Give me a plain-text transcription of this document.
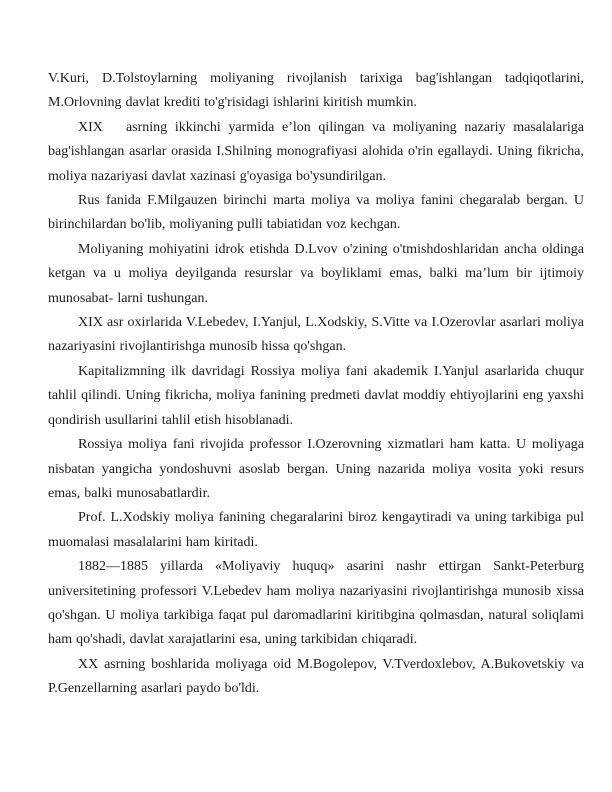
V.Kuri, D.Tolstoylarning moliyaning rivojlanish tarixiga bag'ishlangan tadqiqotlarini, M.Orlovning davlat krediti to'g'risidagi ishlarini kiritish mumkin.

XIX   asrning ikkinchi yarmida e’lon qilingan va moliyaning nazariy masalalariga bag'ishlangan asarlar orasida I.Shilning monografiyasi alohida o'rin egallaydi. Uning fikricha, moliya nazariyasi davlat xazinasi g'oyasiga bo'ysundirilgan.

Rus fanida F.Milgauzen birinchi marta moliya va moliya fanini chegaralab bergan. U birinchilardan bo'lib, moliyaning pulli tabiatidan voz kechgan.

Moliyaning mohiyatini idrok etishda D.Lvov o'zining o'tmishdoshlaridan ancha oldinga ketgan va u moliya deyilganda resurslar va boyliklami emas, balki ma’lum bir ijtimoiy munosabat- larni tushungan.

XIX asr oxirlarida V.Lebedev, I.Yanjul, L.Xodskiy, S.Vitte va I.Ozerovlar asarlari moliya nazariyasini rivojlantirishga munosib hissa qo'shgan.

Kapitalizmning ilk davridagi Rossiya moliya fani akademik I.Yanjul asarlarida chuqur tahlil qilindi. Uning fikricha, moliya fanining predmeti davlat moddiy ehtiyojlarini eng yaxshi qondirish usullarini tahlil etish hisoblanadi.

Rossiya moliya fani rivojida professor I.Ozerovning xizmatlari ham katta. U moliyaga nisbatan yangicha yondoshuvni asoslab bergan. Uning nazarida moliya vosita yoki resurs emas, balki munosabatlardir.

Prof. L.Xodskiy moliya fanining chegaralarini biroz kengaytiradi va uning tarkibiga pul muomalasi masalalarini ham kiritadi.

1882—1885 yillarda «Moliyaviy huquq» asarini nashr ettirgan Sankt-Peterburg universitetining professori V.Lebedev ham moliya nazariyasini rivojlantirishga munosib xissa qo'shgan. U moliya tarkibiga faqat pul daromadlarini kiritibgina qolmasdan, natural soliqlami ham qo'shadi, davlat xarajatlarini esa, uning tarkibidan chiqaradi.

XX asrning boshlarida moliyaga oid M.Bogolepov, V.Tverdoxlebov, A.Bukovetskiy va P.Genzellarning asarlari paydo bo'ldi.
